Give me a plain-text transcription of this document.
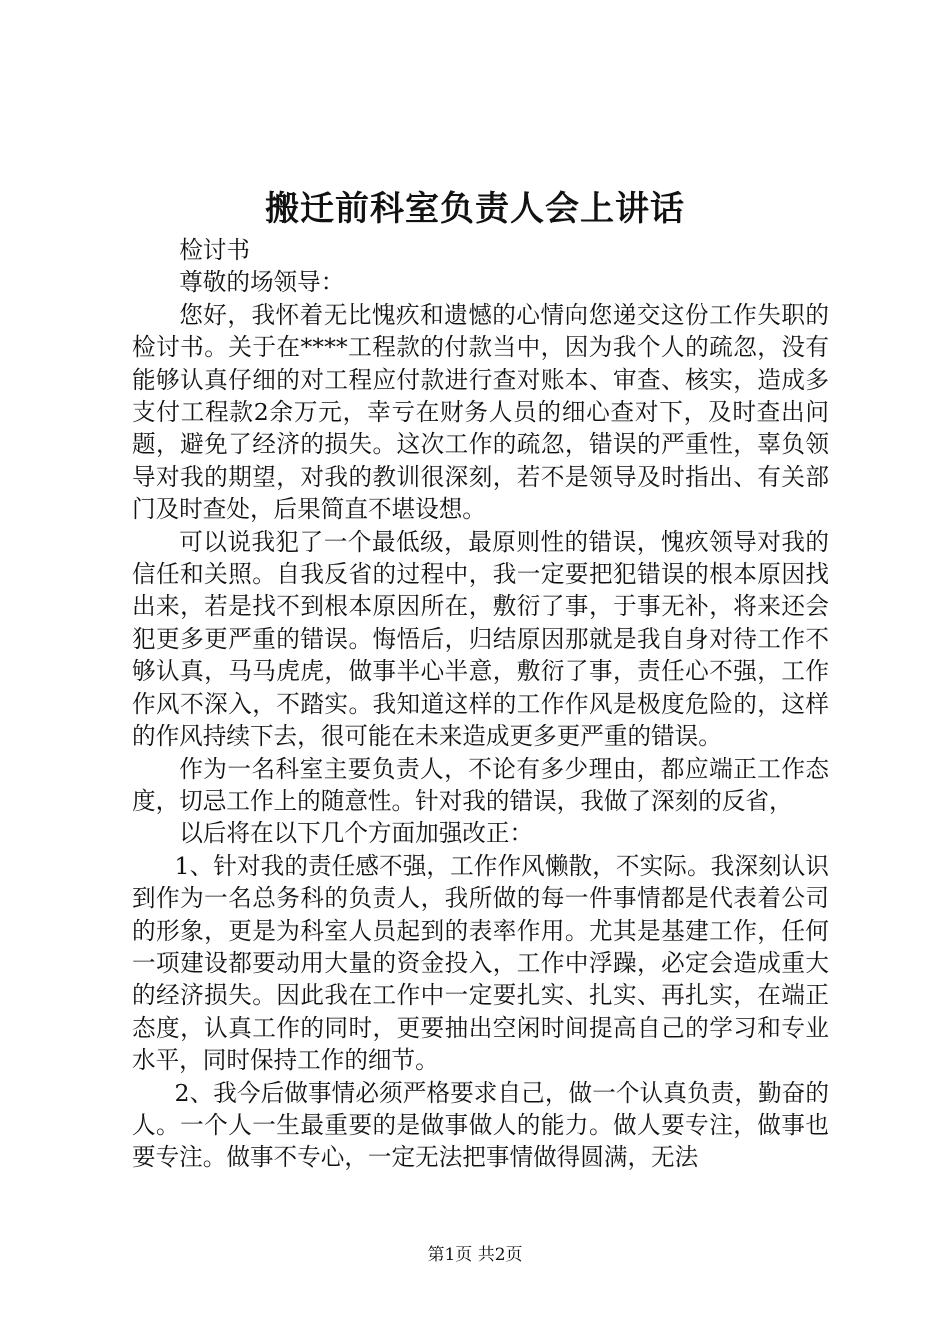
搬迁前科室负责人会上讲话

检讨书

尊敬的场领导：

您好，我怀着无比愧疚和遗憾的心情向您递交这份工作失职的检讨书。关于在****工程款的付款当中，因为我个人的疏忽，没有能够认真仔细的对工程应付款进行查对账本、审查、核实，造成多支付工程款2余万元，幸亏在财务人员的细心查对下，及时查出问题，避免了经济的损失。这次工作的疏忽，错误的严重性，辜负领导对我的期望，对我的教训很深刻，若不是领导及时指出、有关部门及时查处，后果简直不堪设想。

可以说我犯了一个最低级，最原则性的错误，愧疚领导对我的信任和关照。自我反省的过程中，我一定要把犯错误的根本原因找出来，若是找不到根本原因所在，敷衍了事，于事无补，将来还会犯更多更严重的错误。悔悟后，归结原因那就是我自身对待工作不够认真，马马虎虎，做事半心半意，敷衍了事，责任心不强，工作作风不深入，不踏实。我知道这样的工作作风是极度危险的，这样的作风持续下去，很可能在未来造成更多更严重的错误。

作为一名科室主要负责人，不论有多少理由，都应端正工作态度，切忌工作上的随意性。针对我的错误，我做了深刻的反省，

以后将在以下几个方面加强改正：

1、针对我的责任感不强，工作作风懒散，不实际。我深刻认识到作为一名总务科的负责人，我所做的每一件事情都是代表着公司的形象，更是为科室人员起到的表率作用。尤其是基建工作，任何一项建设都要动用大量的资金投入，工作中浮躁，必定会造成重大的经济损失。因此我在工作中一定要扎实、扎实、再扎实，在端正态度，认真工作的同时，更要抽出空闲时间提高自己的学习和专业水平，同时保持工作的细节。

2、我今后做事情必须严格要求自己，做一个认真负责，勤奋的人。一个人一生最重要的是做事做人的能力。做人要专注，做事也要专注。做事不专心，一定无法把事情做得圆满，无法

第1页 共2页
